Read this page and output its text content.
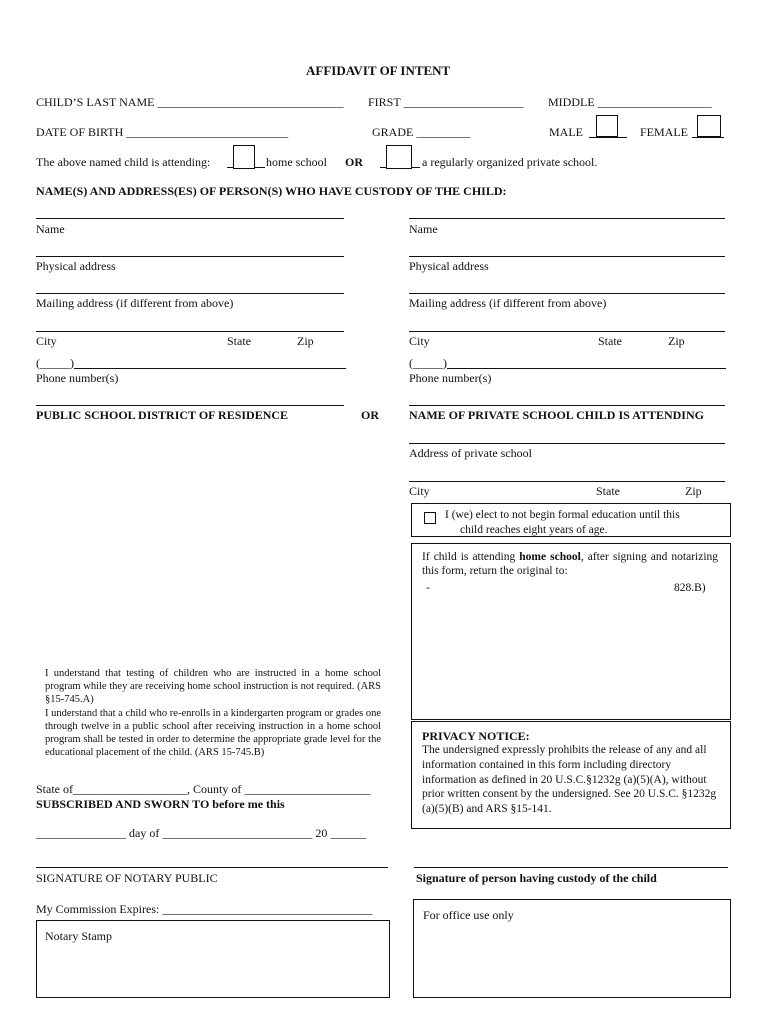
AFFIDAVIT OF INTENT
CHILD’S LAST NAME _______________________________ FIRST ____________________ MIDDLE ___________________
DATE OF BIRTH ___________________________	GRADE _________	MALE	FEMALE
The above named child is attending:	home school OR	a regularly organized private school.
NAME(S) AND ADDRESS(ES) OF PERSON(S) WHO HAVE CUSTODY OF THE CHILD:
Name
Physical address
Mailing address (if different from above)
City	State	Zip
(_____)
Phone number(s)
Name
Physical address
Mailing address (if different from above)
City	State	Zip
(_____)
Phone number(s)
PUBLIC SCHOOL DISTRICT OF RESIDENCE	OR	NAME OF PRIVATE SCHOOL CHILD IS ATTENDING
Address of private school
City	State	Zip
I (we) elect to not begin formal education until this
child reaches eight years of age.
If child is attending home school, after signing and notarizing this form, return the original to:
-	828.B)
I understand that testing of children who are instructed in a home school program while they are receiving home school instruction is not required. (ARS §15-745.A)
I understand that a child who re-enrolls in a kindergarten program or grades one through twelve in a public school after receiving instruction in a home school program shall be tested in order to determine the appropriate grade level for the educational placement of the child. (ARS 15-745.B)
PRIVACY NOTICE:
The undersigned expressly prohibits the release of any and all information contained in this form including directory information as defined in 20 U.S.C.§1232g (a)(5)(A), without prior written consent by the undersigned. See 20 U.S.C. §1232g (a)(5)(B) and ARS §15-141.
State of___________________, County of _____________________
SUBSCRIBED AND SWORN TO before me this
_______________ day of _________________________ 20 ______
SIGNATURE OF NOTARY PUBLIC	Signature of person having custody of the child
My Commission Expires: ___________________________________
Notary Stamp
For office use only
